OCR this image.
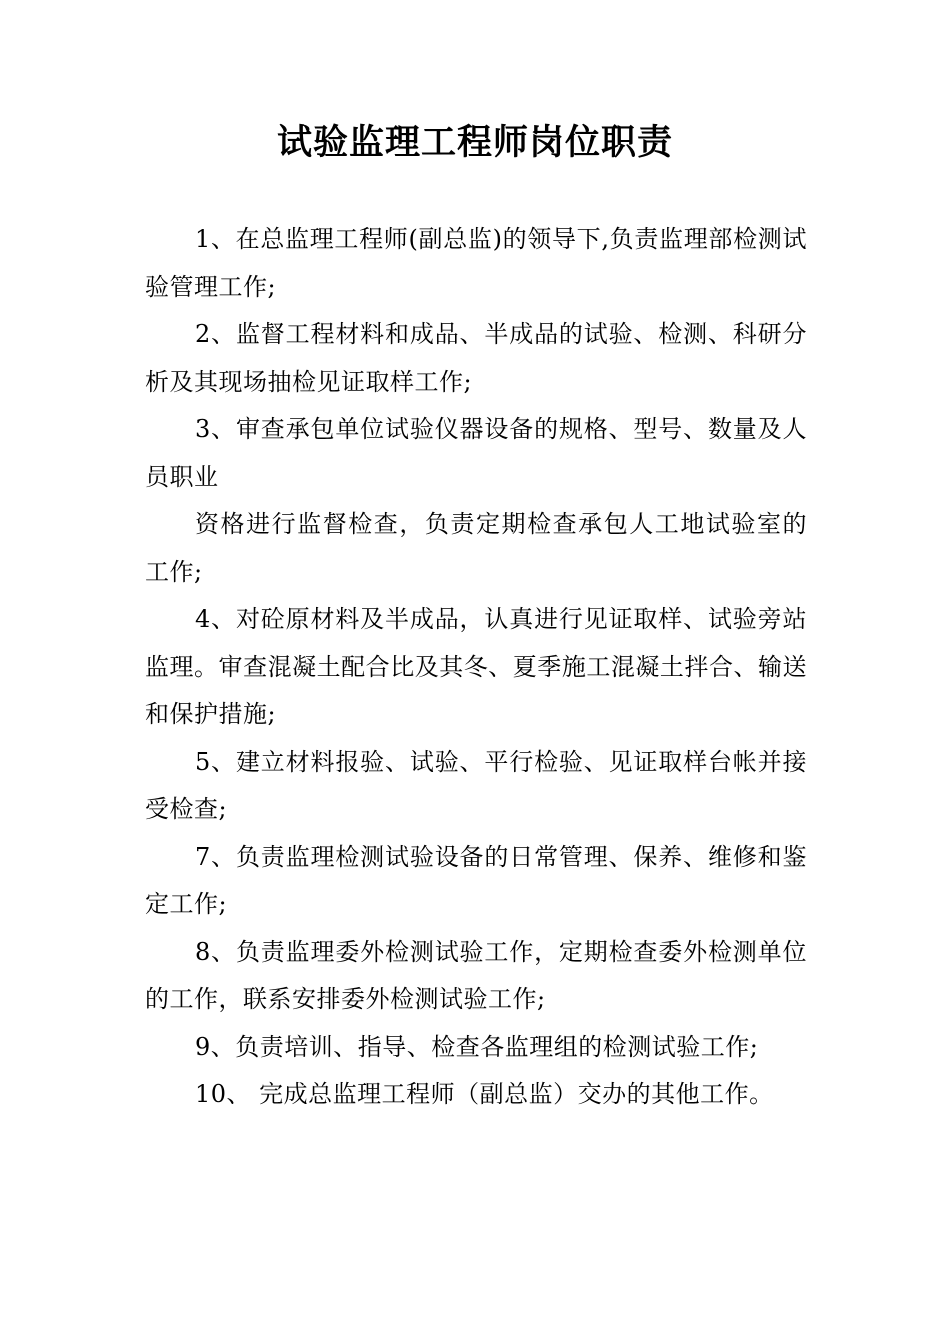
试验监理工程师岗位职责

1、在总监理工程师(副总监)的领导下,负责监理部检测试验管理工作;

2、监督工程材料和成品、半成品的试验、检测、科研分析及其现场抽检见证取样工作;

3、审查承包单位试验仪器设备的规格、型号、数量及人员职业

资格进行监督检查，负责定期检查承包人工地试验室的工作;

4、对砼原材料及半成品，认真进行见证取样、试验旁站监理。审查混凝土配合比及其冬、夏季施工混凝土拌合、输送和保护措施;

5、建立材料报验、试验、平行检验、见证取样台帐并接受检查;

7、负责监理检测试验设备的日常管理、保养、维修和鉴定工作;

8、负责监理委外检测试验工作，定期检查委外检测单位的工作，联系安排委外检测试验工作;

9、负责培训、指导、检查各监理组的检测试验工作;

10、 完成总监理工程师（副总监）交办的其他工作。
